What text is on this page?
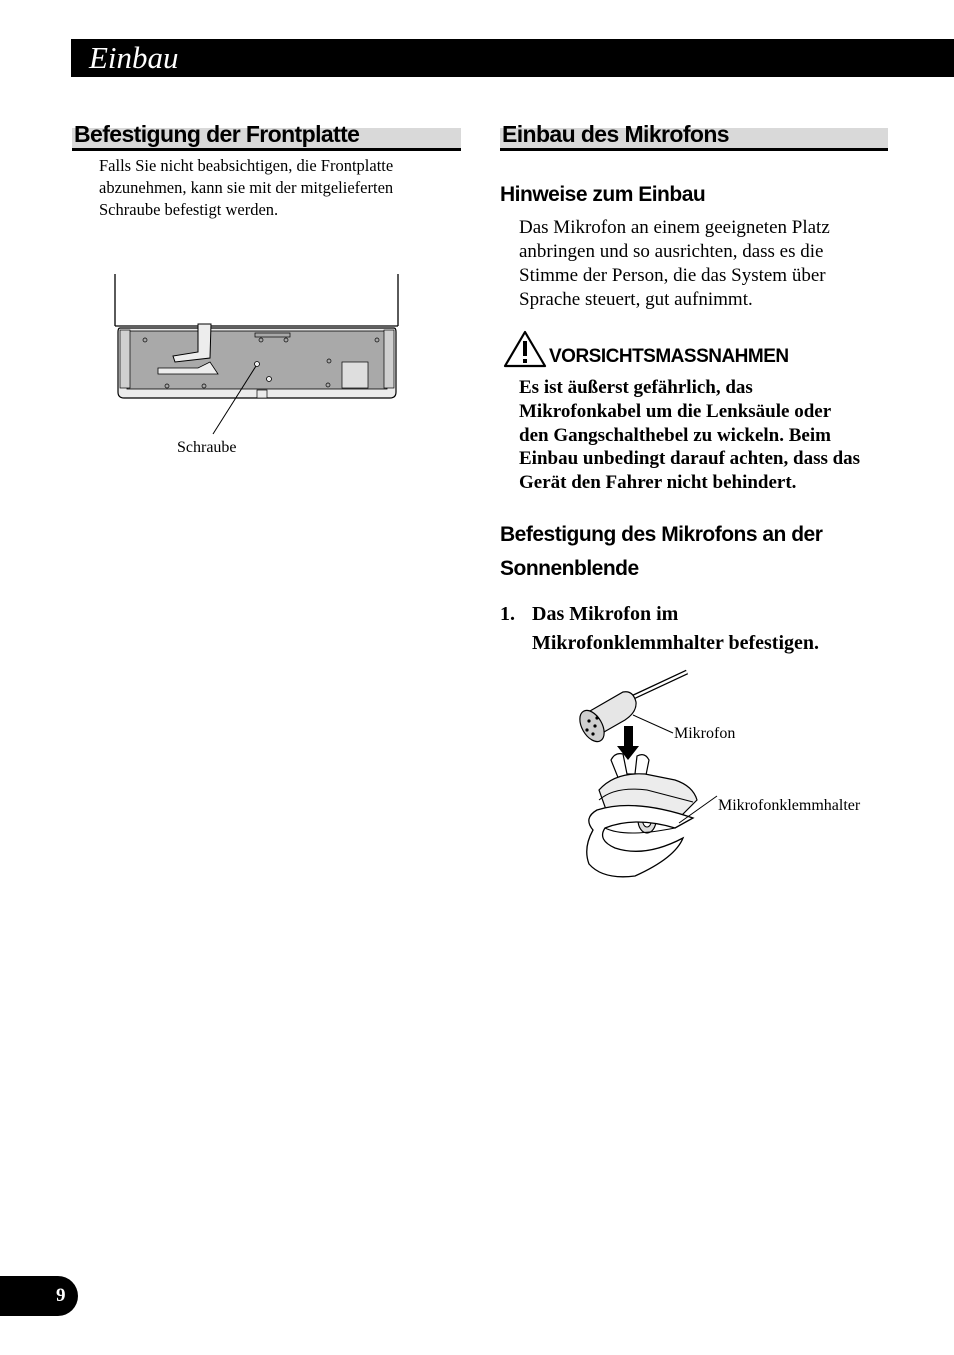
Einbau
Befestigung der Frontplatte
Falls Sie nicht beabsichtigen, die Frontplatte
abzunehmen, kann sie mit der mitgelieferten
Schraube befestigt werden.
Schraube
Einbau des Mikrofons
Hinweise zum Einbau
Das Mikrofon an einem geeigneten Platz
anbringen und so ausrichten, dass es die
Stimme der Person, die das System über
Sprache steuert, gut aufnimmt.
VORSICHTSMASSNAHMEN
Es ist äußerst gefährlich, das
Mikrofonkabel um die Lenksäule oder
den Gangschalthebel zu wickeln. Beim
Einbau unbedingt darauf achten, dass das
Gerät den Fahrer nicht behindert.
Befestigung des Mikrofons an der
Sonnenblende
1. Das Mikrofon im
Mikrofonklemmhalter befestigen.
Mikrofon
Mikrofonklemmhalter
9
